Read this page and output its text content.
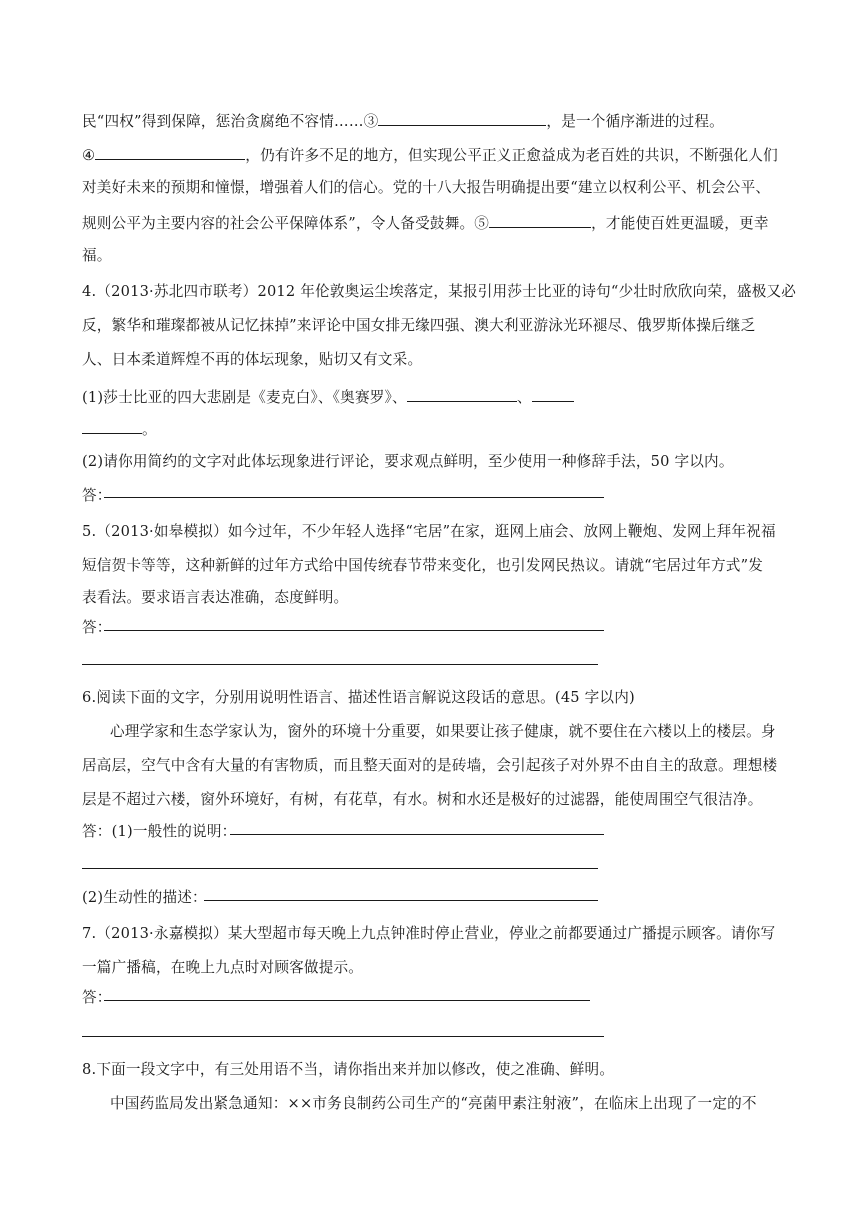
民“四权”得到保障，惩治贪腐绝不容情……③	，是一个循序渐进的过程。
④	，仍有许多不足的地方，但实现公平正义正愈益成为老百姓的共识，不断强化人们
对美好未来的预期和憧憬，增强着人们的信心。党的十八大报告明确提出要“建立以权利公平、机会公平、
规则公平为主要内容的社会公平保障体系”，令人备受鼓舞。⑤	，才能使百姓更温暖，更幸
福。
4.（2013·苏北四市联考）2012 年伦敦奥运尘埃落定，某报引用莎士比亚的诗句“少壮时欣欣向荣，盛极又必
反，繁华和璀璨都被从记忆抹掉”来评论中国女排无缘四强、澳大利亚游泳光环褪尽、俄罗斯体操后继乏
人、日本柔道辉煌不再的体坛现象，贴切又有文采。
(1)莎士比亚的四大悲剧是《麦克白》、《奥赛罗》、	、
。
(2)请你用简约的文字对此体坛现象进行评论，要求观点鲜明，至少使用一种修辞手法，50 字以内。
答：
5.（2013·如皋模拟）如今过年，不少年轻人选择“宅居”在家，逛网上庙会、放网上鞭炮、发网上拜年祝福
短信贺卡等等，这种新鲜的过年方式给中国传统春节带来变化，也引发网民热议。请就“宅居过年方式”发
表看法。要求语言表达准确，态度鲜明。
答：
6.阅读下面的文字，分别用说明性语言、描述性语言解说这段话的意思。(45 字以内)
心理学家和生态学家认为，窗外的环境十分重要，如果要让孩子健康，就不要住在六楼以上的楼层。身
居高层，空气中含有大量的有害物质，而且整天面对的是砖墙，会引起孩子对外界不由自主的敌意。理想楼
层是不超过六楼，窗外环境好，有树，有花草，有水。树和水还是极好的过滤器，能使周围空气很洁净。
答：(1)一般性的说明：
(2)生动性的描述：
7.（2013·永嘉模拟）某大型超市每天晚上九点钟准时停止营业，停业之前都要通过广播提示顾客。请你写
一篇广播稿，在晚上九点时对顾客做提示。
答：
8.下面一段文字中，有三处用语不当，请你指出来并加以修改，使之准确、鲜明。
中国药监局发出紧急通知：××市务良制药公司生产的“亮菌甲素注射液”，在临床上出现了一定的不
